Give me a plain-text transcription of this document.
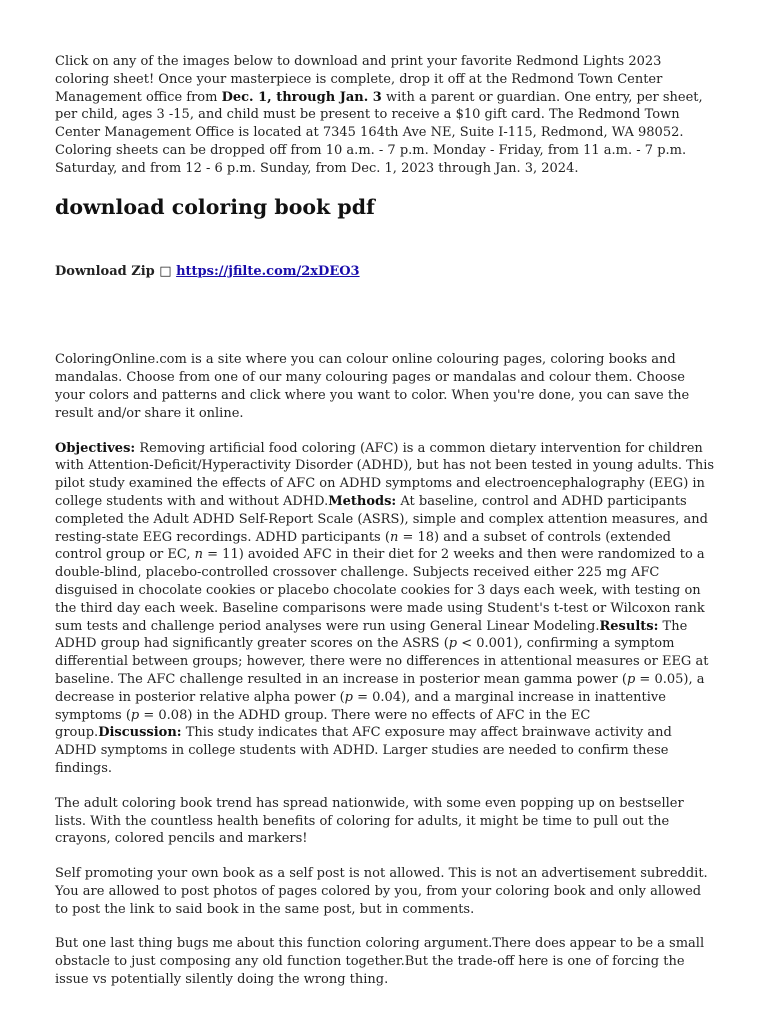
Click on any of the images below to download and print your favorite Redmond Lights 2023 coloring sheet! Once your masterpiece is complete, drop it off at the Redmond Town Center Management office from Dec. 1, through Jan. 3 with a parent or guardian. One entry, per sheet, per child, ages 3 -15, and child must be present to receive a $10 gift card. The Redmond Town Center Management Office is located at 7345 164th Ave NE, Suite I-115, Redmond, WA 98052. Coloring sheets can be dropped off from 10 a.m. - 7 p.m. Monday - Friday, from 11 a.m. - 7 p.m. Saturday, and from 12 - 6 p.m. Sunday, from Dec. 1, 2023 through Jan. 3, 2024.

download coloring book pdf

Download Zip □ https://jfilte.com/2xDEO3

ColoringOnline.com is a site where you can colour online colouring pages, coloring books and mandalas. Choose from one of our many colouring pages or mandalas and colour them. Choose your colors and patterns and click where you want to color. When you're done, you can save the result and/or share it online.

Objectives: Removing artificial food coloring (AFC) is a common dietary intervention for children with Attention-Deficit/Hyperactivity Disorder (ADHD), but has not been tested in young adults. This pilot study examined the effects of AFC on ADHD symptoms and electroencephalography (EEG) in college students with and without ADHD.Methods: At baseline, control and ADHD participants completed the Adult ADHD Self-Report Scale (ASRS), simple and complex attention measures, and resting-state EEG recordings. ADHD participants (n = 18) and a subset of controls (extended control group or EC, n = 11) avoided AFC in their diet for 2 weeks and then were randomized to a double-blind, placebo-controlled crossover challenge. Subjects received either 225 mg AFC disguised in chocolate cookies or placebo chocolate cookies for 3 days each week, with testing on the third day each week. Baseline comparisons were made using Student's t-test or Wilcoxon rank sum tests and challenge period analyses were run using General Linear Modeling.Results: The ADHD group had significantly greater scores on the ASRS (p < 0.001), confirming a symptom differential between groups; however, there were no differences in attentional measures or EEG at baseline. The AFC challenge resulted in an increase in posterior mean gamma power (p = 0.05), a decrease in posterior relative alpha power (p = 0.04), and a marginal increase in inattentive symptoms (p = 0.08) in the ADHD group. There were no effects of AFC in the EC group.Discussion: This study indicates that AFC exposure may affect brainwave activity and ADHD symptoms in college students with ADHD. Larger studies are needed to confirm these findings.

The adult coloring book trend has spread nationwide, with some even popping up on bestseller lists. With the countless health benefits of coloring for adults, it might be time to pull out the crayons, colored pencils and markers!

Self promoting your own book as a self post is not allowed. This is not an advertisement subreddit. You are allowed to post photos of pages colored by you, from your coloring book and only allowed to post the link to said book in the same post, but in comments.

But one last thing bugs me about this function coloring argument.There does appear to be a small obstacle to just composing any old function together.But the trade-off here is one of forcing the issue vs potentially silently doing the wrong thing.
